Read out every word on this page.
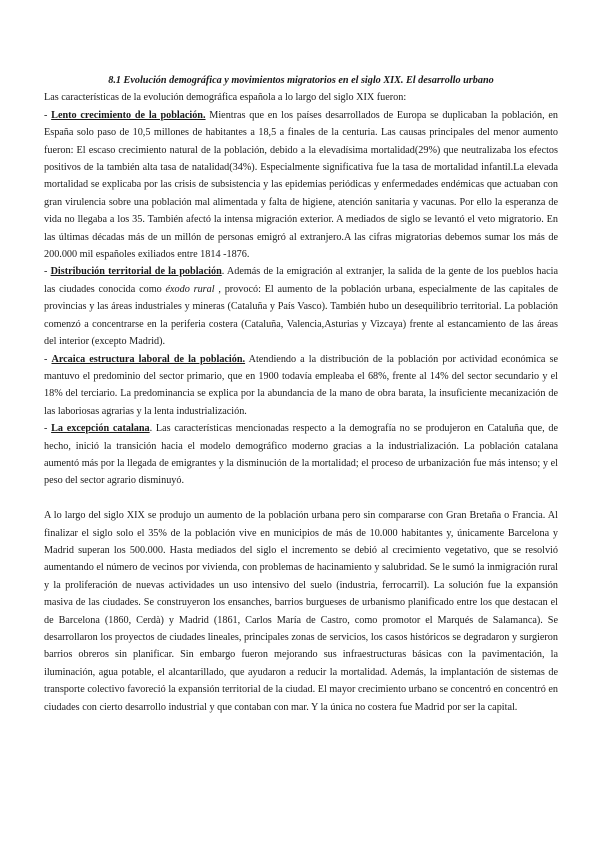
8.1 Evolución demográfica y movimientos migratorios en el siglo XIX. El desarrollo urbano

Las características de la evolución demográfica española a lo largo del siglo XIX fueron:

- Lento crecimiento de la población. Mientras que en los países desarrollados de Europa se duplicaban la población, en España solo paso de 10,5 millones de habitantes a 18,5 a finales de la centuria. Las causas principales del menor aumento fueron: El escaso crecimiento natural de la población, debido a la elevadísima mortalidad(29%) que neutralizaba los efectos positivos de la también alta tasa de natalidad(34%). Especialmente significativa fue la tasa de mortalidad infantil.La elevada mortalidad se explicaba por las crisis de subsistencia y las epidemias periódicas y enfermedades endémicas que actuaban con gran virulencia sobre una población mal alimentada y falta de higiene, atención sanitaria y vacunas. Por ello la esperanza de vida no llegaba a los 35. También afectó la intensa migración exterior. A mediados de siglo se levantó el veto migratorio. En las últimas décadas más de un millón de personas emigró al extranjero.A las cifras migratorias debemos sumar los más de 200.000 mil españoles exiliados entre 1814 -1876.

- Distribución territorial de la población. Además de la emigración al extranjer, la salida de la gente de los pueblos hacia las ciudades conocida como éxodo rural , provocó: El aumento de la población urbana, especialmente de las capitales de provincias y las áreas industriales y mineras (Cataluña y País Vasco). También hubo un desequilibrio territorial. La población comenzó a concentrarse en la periferia costera (Cataluña, Valencia,Asturias y Vizcaya) frente al estancamiento de las áreas del interior (excepto Madrid).

- Arcaica estructura laboral de la población. Atendiendo a la distribución de la población por actividad económica se mantuvo el predominio del sector primario, que en 1900 todavía empleaba el 68%, frente al 14% del sector secundario y el 18% del terciario. La predominancia se explica por la abundancia de la mano de obra barata, la insuficiente mecanización de las laboriosas agrarias y la lenta industrialización.

- La excepción catalana. Las características mencionadas respecto a la demografía no se produjeron en Cataluña que, de hecho, inició la transición hacia el modelo demográfico moderno gracias a la industrialización. La población catalana aumentó más por la llegada de emigrantes y la disminución de la mortalidad; el proceso de urbanización fue más intenso; y el peso del sector agrario disminuyó.

A lo largo del siglo XIX se produjo un aumento de la población urbana pero sin compararse con Gran Bretaña o Francia. Al finalizar el siglo solo el 35% de la población vive en municipios de más de 10.000 habitantes y, únicamente Barcelona y Madrid superan los 500.000. Hasta mediados del siglo el incremento se debió al crecimiento vegetativo, que se resolvió aumentando el número de vecinos por vivienda, con problemas de hacinamiento y salubridad. Se le sumó la inmigración rural y la proliferación de nuevas actividades un uso intensivo del suelo (industria, ferrocarril). La solución fue la expansión masiva de las ciudades. Se construyeron los ensanches, barrios burgueses de urbanismo planificado entre los que destacan el de Barcelona (1860, Cerdà) y Madrid (1861, Carlos María de Castro, como promotor el Marqués de Salamanca). Se desarrollaron los proyectos de ciudades lineales, principales zonas de servicios, los casos históricos se degradaron y surgieron barrios obreros sin planificar. Sin embargo fueron mejorando sus infraestructuras básicas con la pavimentación, la iluminación, agua potable, el alcantarillado, que ayudaron a reducir la mortalidad. Además, la implantación de sistemas de transporte colectivo favoreció la expansión territorial de la ciudad. El mayor crecimiento urbano se concentró en concentró en ciudades con cierto desarrollo industrial y que contaban con mar. Y la única no costera fue Madrid por ser la capital.
